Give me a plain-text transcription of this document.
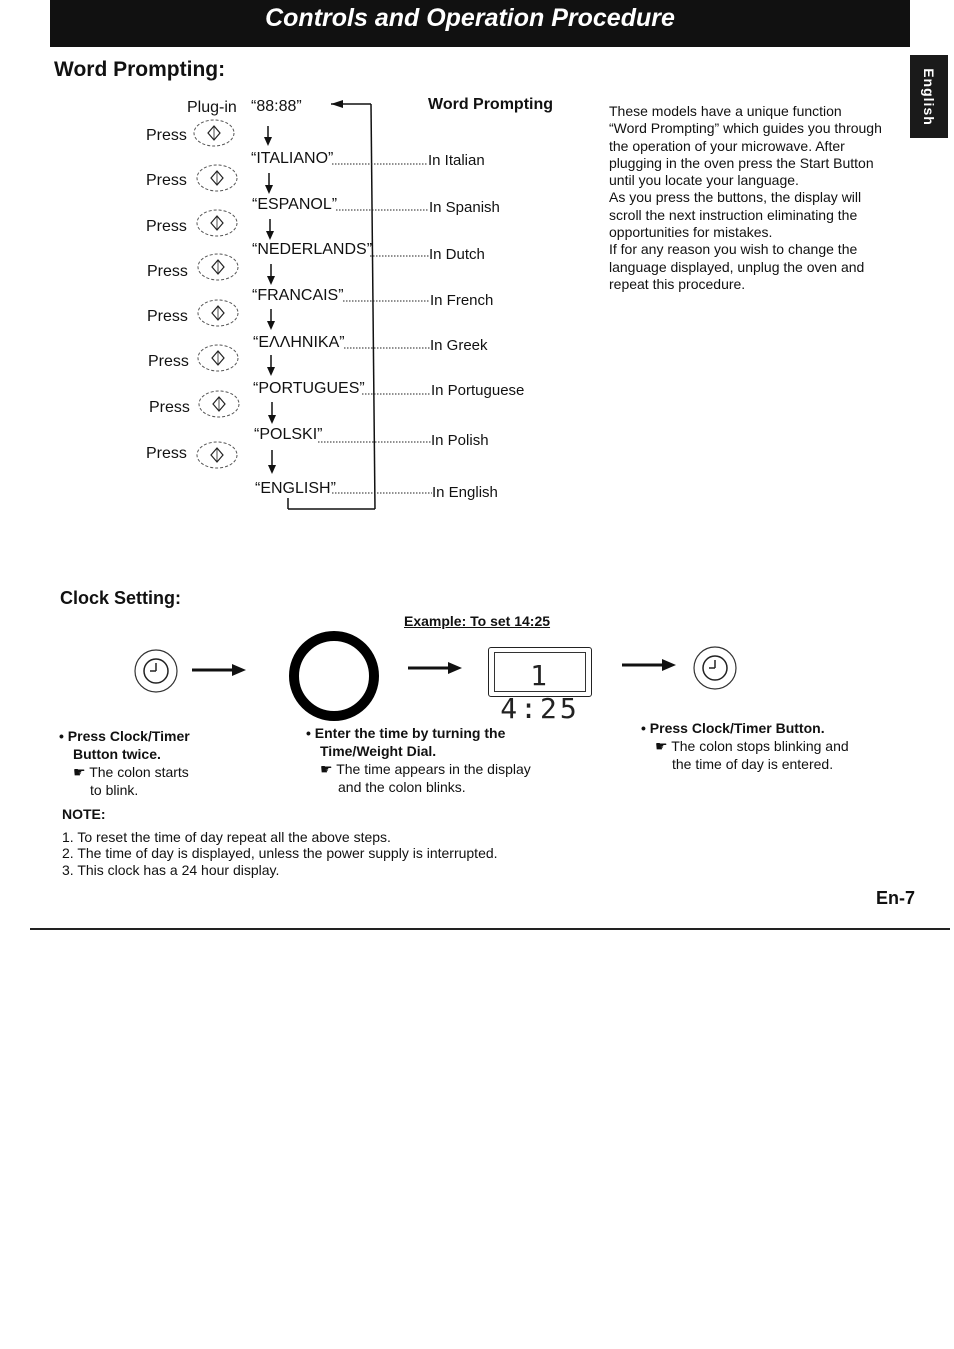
Controls and Operation Procedure
English
Word Prompting:
Word Prompting
Plug-in “88:88”
Press
Press
Press
Press
Press
Press
Press
Press
“ITALIANO”
“ESPANOL”
“NEDERLANDS”
“FRANCAIS”
“EΛΛΗNIKA”
“PORTUGUES”
“POLSKI”
“ENGLISH”
In Italian
In Spanish
In Dutch
In French
In Greek
In Portuguese
In Polish
In English

These models have a unique function

“Word Prompting” which guides you through

the operation of your microwave. After

plugging in the oven press the Start Button

until you locate your language.

As you press the buttons, the display will

scroll the next instruction eliminating the

opportunities for mistakes.

If for any reason you wish to change the

language displayed, unplug the oven and

repeat this procedure.

Clock Setting:
Example: To set 14:25
1 4:25
• Press Clock/Timer
Button twice.
☛ The colon starts
to blink.
• Enter the time by turning the
Time/Weight Dial.
☛ The time appears in the display
and the colon blinks.
• Press Clock/Timer Button.
☛ The colon stops blinking and
the time of day is entered.
NOTE:
1. To reset the time of day repeat all the above steps.
2. The time of day is displayed, unless the power supply is interrupted.
3. This clock has a 24 hour display.
En-7
